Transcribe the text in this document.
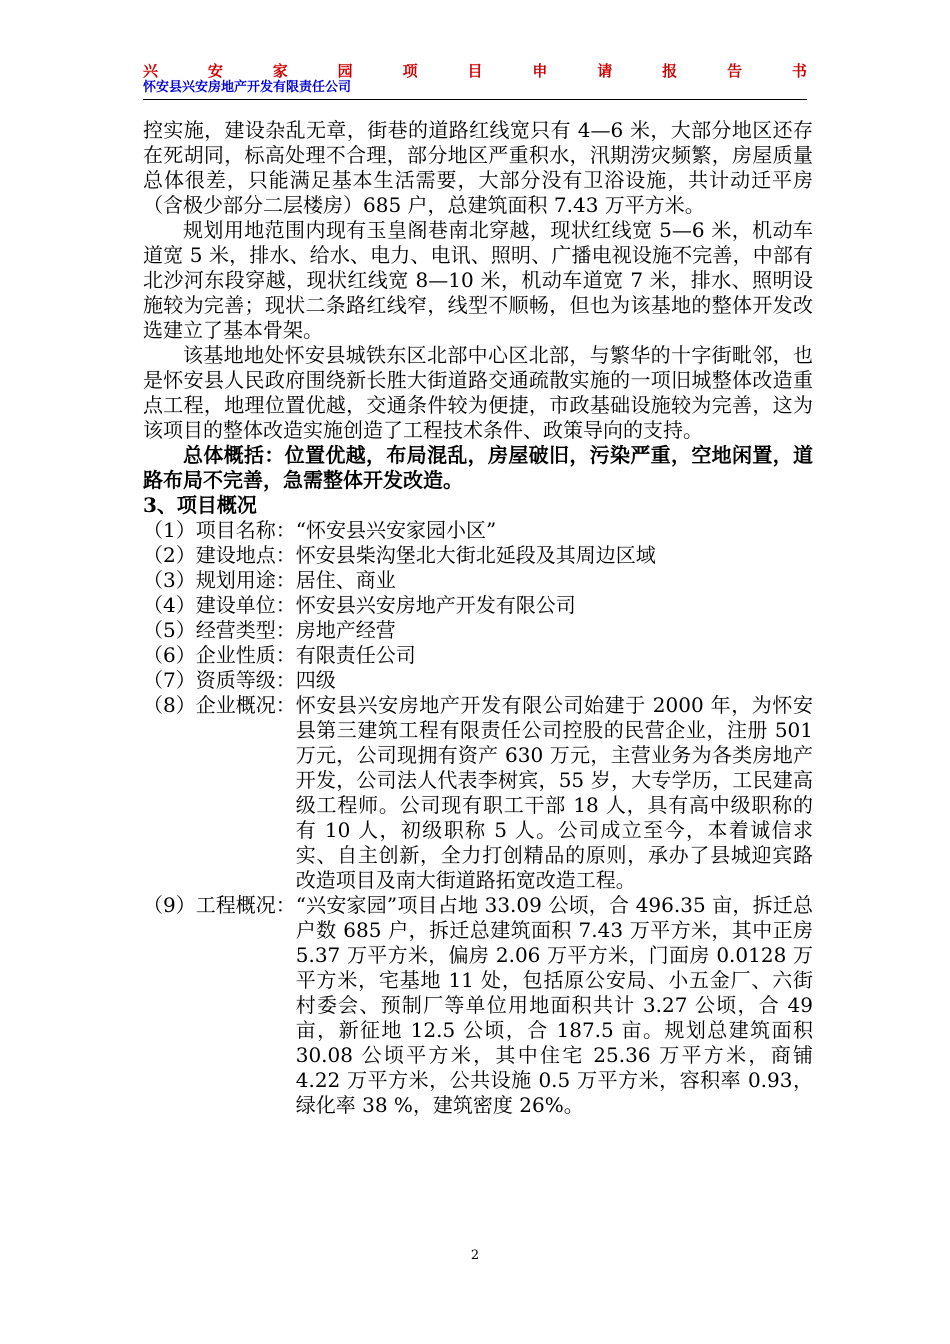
兴	安	家	园	项	目	申	请	报	告	书
怀安县兴安房地产开发有限责任公司

控实施，建设杂乱无章，街巷的道路红线宽只有 4—6 米，大部分地区还存在死胡同，标高处理不合理，部分地区严重积水，汛期涝灾频繁，房屋质量总体很差，只能满足基本生活需要，大部分没有卫浴设施，共计动迁平房（含极少部分二层楼房）685 户，总建筑面积 7.43 万平方米。

规划用地范围内现有玉皇阁巷南北穿越，现状红线宽 5—6 米，机动车道宽 5 米，排水、给水、电力、电讯、照明、广播电视设施不完善，中部有北沙河东段穿越，现状红线宽 8—10 米，机动车道宽 7 米，排水、照明设施较为完善；现状二条路红线窄，线型不顺畅，但也为该基地的整体开发改选建立了基本骨架。

该基地地处怀安县城铁东区北部中心区北部，与繁华的十字街毗邻，也是怀安县人民政府围绕新长胜大街道路交通疏散实施的一项旧城整体改造重点工程，地理位置优越，交通条件较为便捷，市政基础设施较为完善，这为该项目的整体改造实施创造了工程技术条件、政策导向的支持。

总体概括：位置优越，布局混乱，房屋破旧，污染严重，空地闲置，道路布局不完善，急需整体开发改造。

3、项目概况

（1）项目名称：“怀安县兴安家园小区”

（2）建设地点：怀安县柴沟堡北大街北延段及其周边区域

（3）规划用途：居住、商业

（4）建设单位：怀安县兴安房地产开发有限公司

（5）经营类型：房地产经营

（6）企业性质：有限责任公司

（7）资质等级：四级

（8）企业概况： 怀安县兴安房地产开发有限公司始建于 2000 年，为怀安县第三建筑工程有限责任公司控股的民营企业，注册 501 万元，公司现拥有资产 630 万元，主营业务为各类房地产开发，公司法人代表李树宾，55 岁，大专学历，工民建高级工程师。公司现有职工干部 18 人，具有高中级职称的有 10 人，初级职称 5 人。公司成立至今，本着诚信求实、自主创新，全力打创精品的原则，承办了县城迎宾路改造项目及南大街道路拓宽改造工程。
（9）工程概况： “兴安家园”项目占地 33.09 公顷，合 496.35 亩，拆迁总户数 685 户，拆迁总建筑面积 7.43 万平方米，其中正房 5.37 万平方米，偏房 2.06 万平方米，门面房 0.0128 万平方米，宅基地 11 处，包括原公安局、小五金厂、六街村委会、预制厂等单位用地面积共计 3.27 公顷，合 49 亩，新征地 12.5 公顷，合 187.5 亩。规划总建筑面积 30.08 公顷平方米，其中住宅 25.36 万平方米，商铺 4.22 万平方米，公共设施 0.5 万平方米，容积率 0.93，绿化率 38 %，建筑密度 26%。
2
